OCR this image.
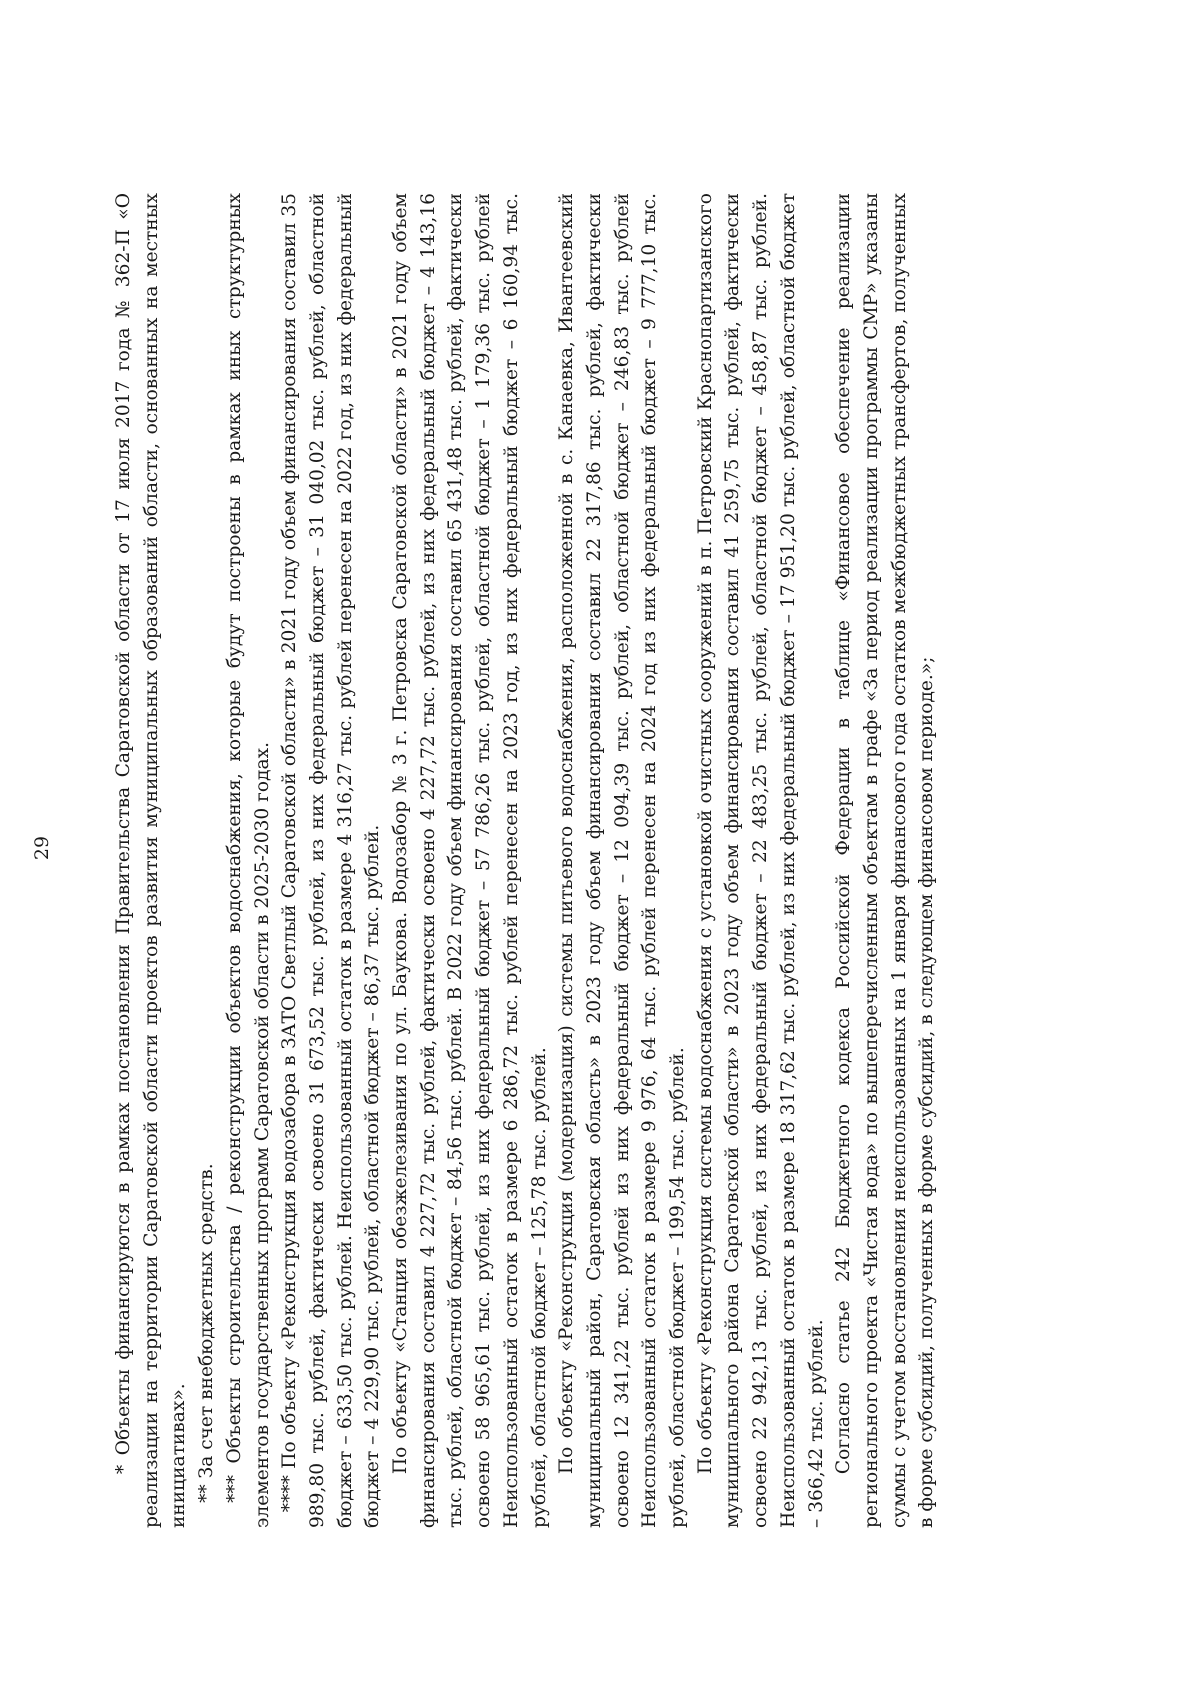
29	* Объекты финансируются в рамках постановления Правительства Саратовской области от 17 июля 2017 года № 362-П «О реализации на территории Саратовской области проектов развития муниципальных образований области, основанных на местных инициативах». ** За счет внебюджетных средств. *** Объекты строительства / реконструкции объектов водоснабжения, которые будут построены в рамках иных структурных элементов государственных программ Саратовской области в 2025-2030 годах. **** По объекту «Реконструкция водозабора в ЗАТО Светлый Саратовской области» в 2021 году объем финансирования составил 35 989,80 тыс. рублей, фактически освоено 31 673,52 тыс. рублей, из них федеральный бюджет – 31 040,02 тыс. рублей, областной бюджет – 633,50 тыс. рублей. Неиспользованный остаток в размере 4 316,27 тыс. рублей перенесен на 2022 год, из них федеральный бюджет – 4 229,90 тыс. рублей, областной бюджет – 86,37 тыс. рублей. По объекту «Станция обезжелезивания по ул. Баукова. Водозабор № 3 г. Петровска Саратовской области» в 2021 году объем финансирования составил 4 227,72 тыс. рублей, фактически освоено 4 227,72 тыс. рублей, из них федеральный бюджет – 4 143,16 тыс. рублей, областной бюджет – 84,56 тыс. рублей. В 2022 году объем финансирования составил 65 431,48 тыс. рублей, фактически освоено 58 965,61 тыс. рублей, из них федеральный бюджет – 57 786,26 тыс. рублей, областной бюджет – 1 179,36 тыс. рублей Неиспользованный остаток в размере 6 286,72 тыс. рублей перенесен на 2023 год, из них федеральный бюджет – 6 160,94 тыс. рублей, областной бюджет – 125,78 тыс. рублей. По объекту «Реконструкция (модернизация) системы питьевого водоснабжения, расположенной в с. Канаевка, Ивантеевский муниципальный район, Саратовская область» в 2023 году объем финансирования составил 22 317,86 тыс. рублей, фактически освоено 12 341,22 тыс. рублей из них федеральный бюджет – 12 094,39 тыс. рублей, областной бюджет – 246,83 тыс. рублей Неиспользованный остаток в размере 9 976, 64 тыс. рублей перенесен на 2024 год из них федеральный бюджет – 9 777,10 тыс. рублей, областной бюджет – 199,54 тыс. рублей. По объекту «Реконструкция системы водоснабжения с установкой очистных сооружений в п. Петровский Краснопартизанского муниципального района Саратовской области» в 2023 году объем финансирования составил 41 259,75 тыс. рублей, фактически освоено 22 942,13 тыс. рублей, из них федеральный бюджет – 22 483,25 тыс. рублей, областной бюджет – 458,87 тыс. рублей. Неиспользованный остаток в размере 18 317,62 тыс. рублей, из них федеральный бюджет – 17 951,20 тыс. рублей, областной бюджет – 366,42 тыс. рублей. Согласно статье 242 Бюджетного кодекса Российской Федерации в таблице «Финансовое обеспечение реализации регионального проекта «Чистая вода» по вышеперечисленным объектам в графе «За период реализации программы СМР» указаны суммы с учетом восстановления неиспользованных на 1 января финансового года остатков межбюджетных трансфертов, полученных в форме субсидий, полученных в форме субсидий, в следующем финансовом периоде.»;
